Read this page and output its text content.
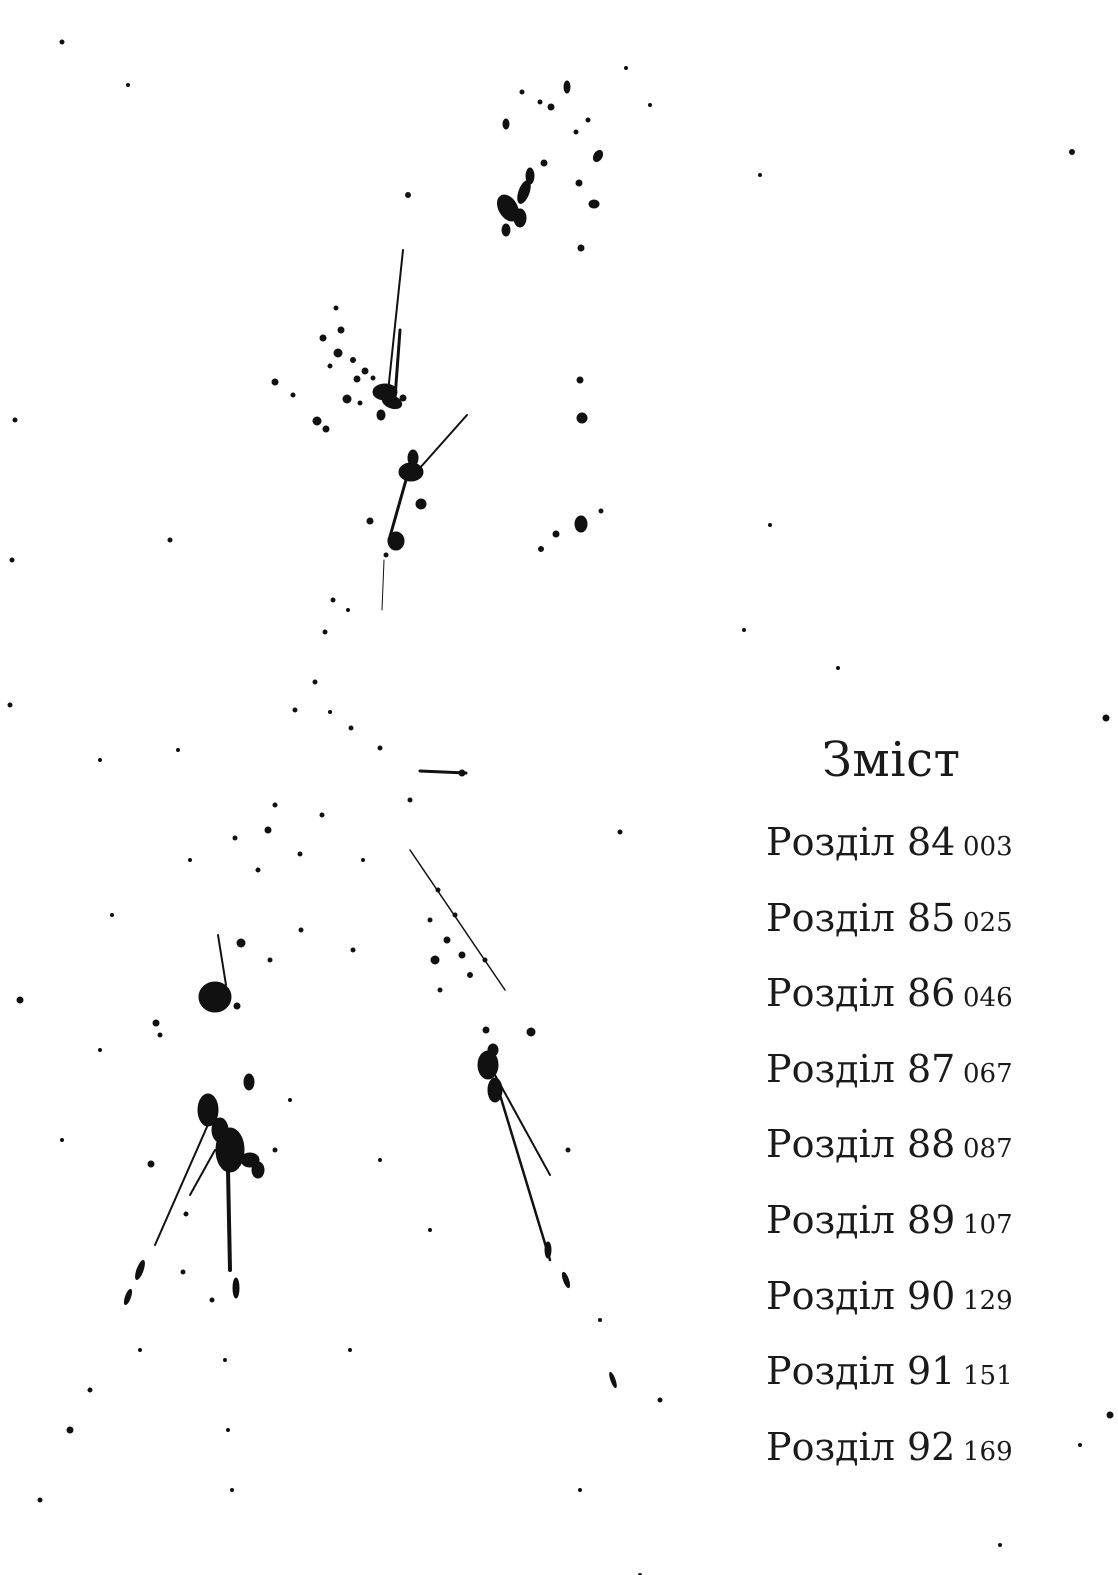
Зміст
Розділ 84 003
Розділ 85 025
Розділ 86 046
Розділ 87 067
Розділ 88 087
Розділ 89 107
Розділ 90 129
Розділ 91 151
Розділ 92 169
